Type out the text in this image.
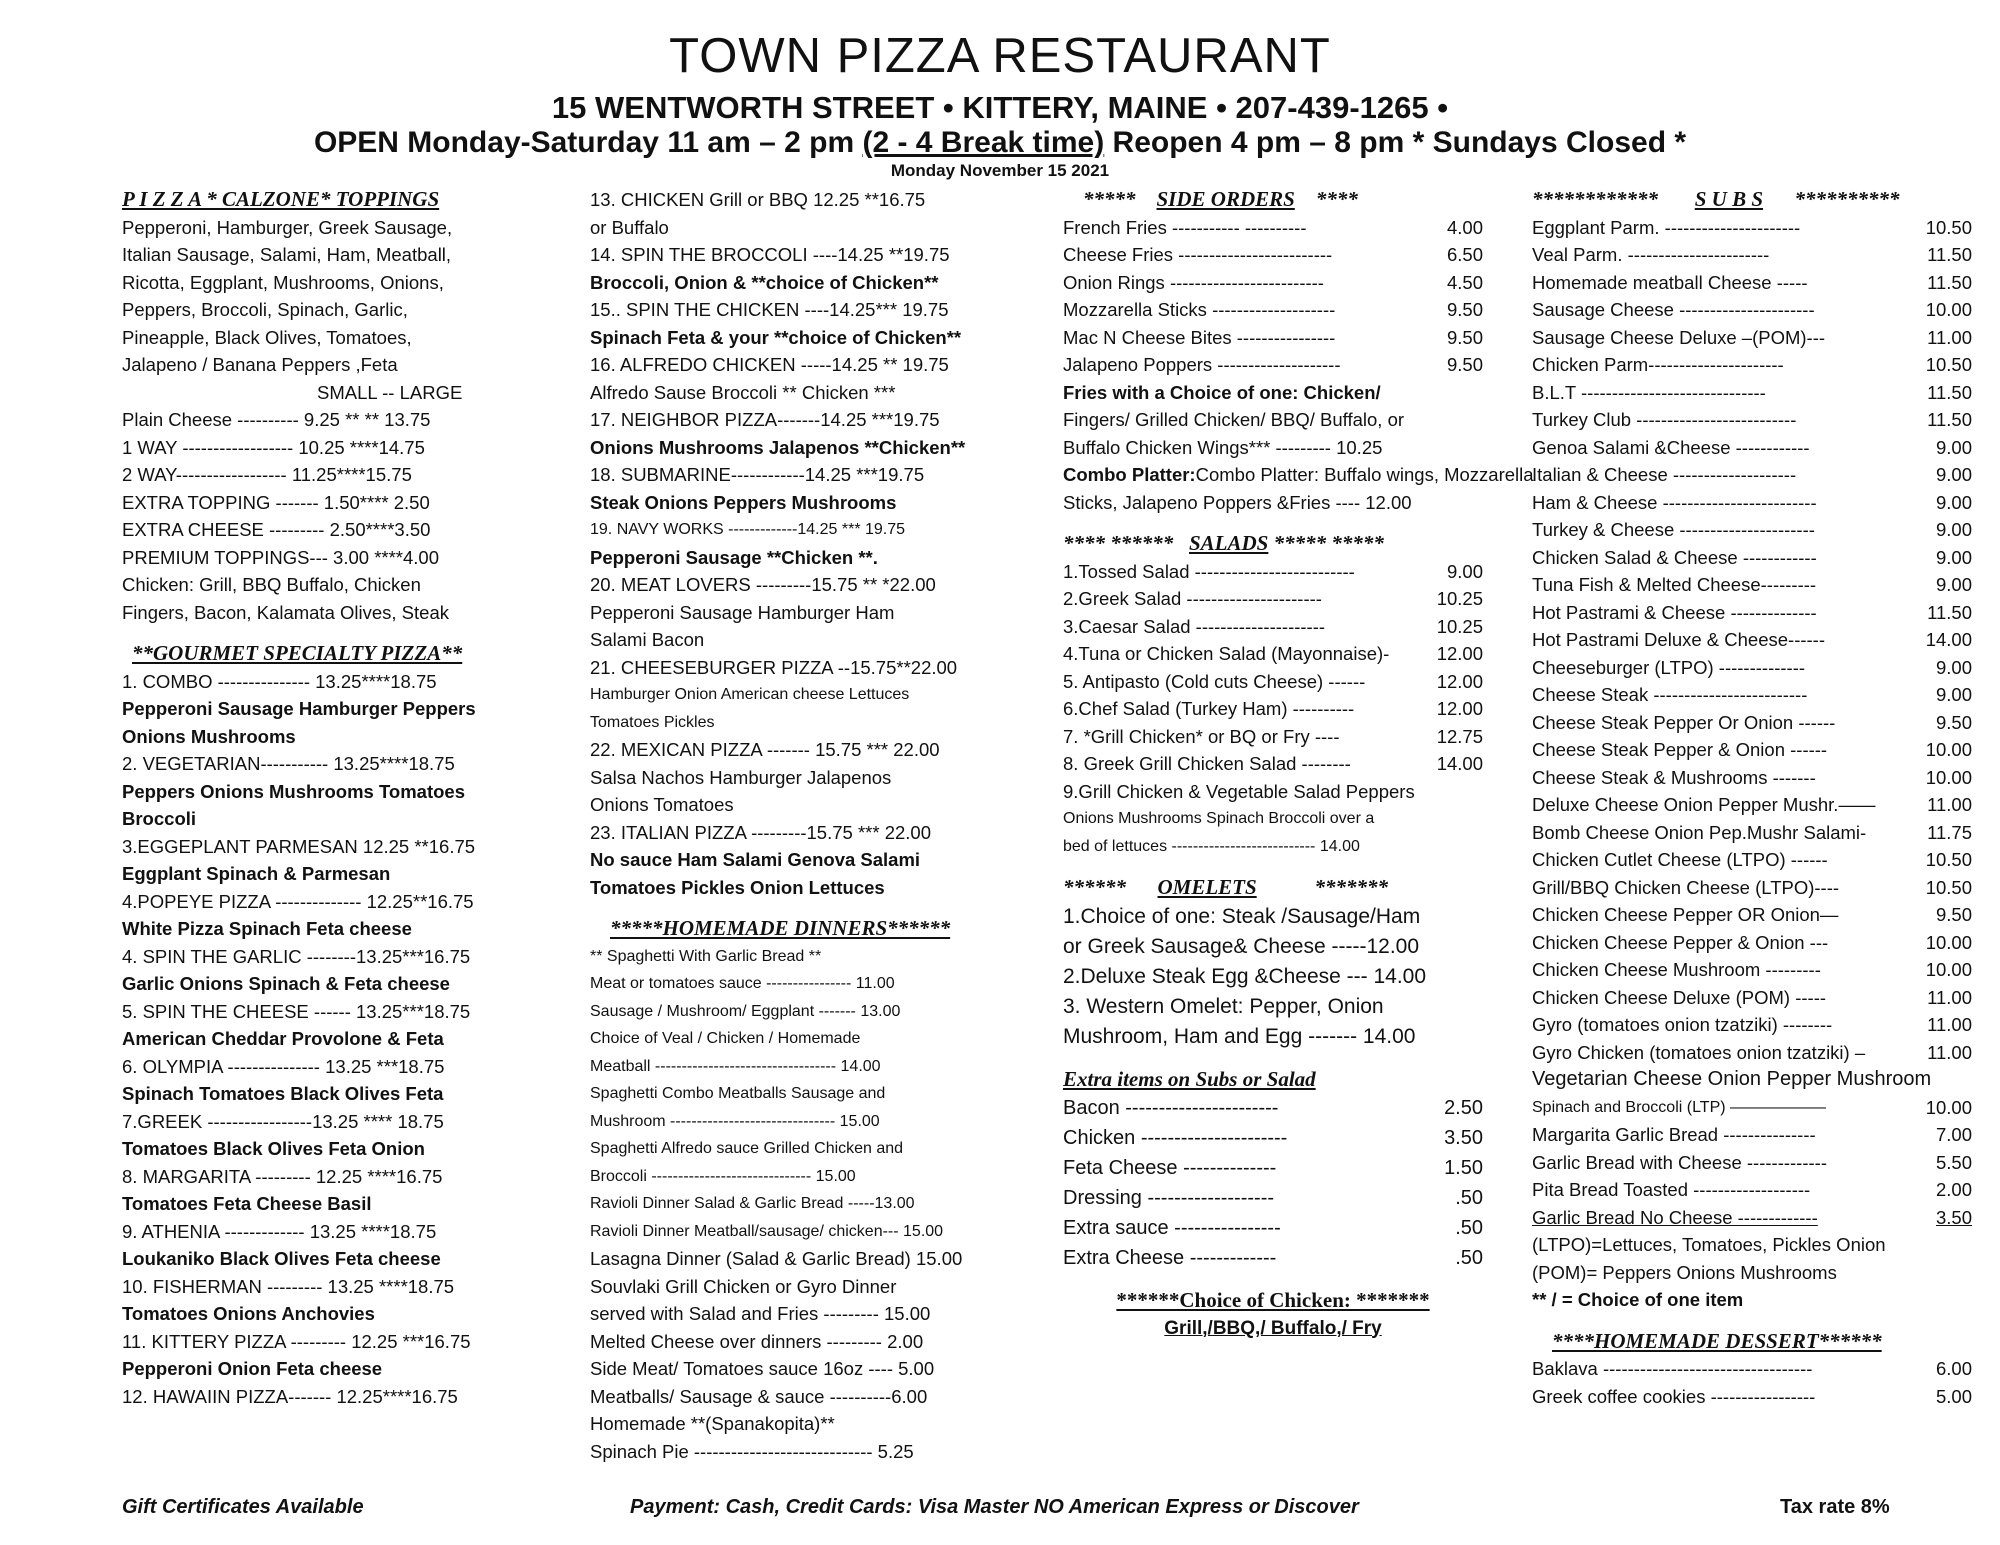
TOWN PIZZA RESTAURANT
15 WENTWORTH STREET • KITTERY, MAINE • 207-439-1265 •
OPEN Monday-Saturday 11 am – 2 pm (2 - 4 Break time) Reopen 4 pm – 8 pm * Sundays Closed *
Monday November 15 2021
P I Z Z A * CALZONE* TOPPINGS
Pepperoni, Hamburger, Greek Sausage,
Italian Sausage, Salami, Ham, Meatball,
Ricotta, Eggplant, Mushrooms, Onions,
Peppers, Broccoli, Spinach, Garlic,
Pineapple, Black Olives, Tomatoes,
Jalapeno / Banana Peppers ,Feta
SMALL -- LARGE
Plain Cheese ---------- 9.25 ** ** 13.75
1 WAY ------------------ 10.25 ****14.75
2 WAY------------------ 11.25****15.75
EXTRA TOPPING ------- 1.50**** 2.50
EXTRA CHEESE --------- 2.50****3.50
PREMIUM TOPPINGS--- 3.00 ****4.00
Chicken: Grill, BBQ Buffalo, Chicken
Fingers, Bacon, Kalamata Olives, Steak
**GOURMET SPECIALTY PIZZA**
1. COMBO --------------- 13.25****18.75
Pepperoni Sausage Hamburger Peppers
Onions Mushrooms
2. VEGETARIAN----------- 13.25****18.75
Peppers Onions Mushrooms Tomatoes
Broccoli
3.EGGEPLANT PARMESAN 12.25 **16.75
Eggplant Spinach & Parmesan
4.POPEYE PIZZA -------------- 12.25**16.75
White Pizza Spinach Feta cheese
4. SPIN THE GARLIC --------13.25***16.75
Garlic Onions Spinach & Feta cheese
5. SPIN THE CHEESE ------ 13.25***18.75
American Cheddar Provolone & Feta
6. OLYMPIA --------------- 13.25 ***18.75
Spinach Tomatoes Black Olives Feta
7.GREEK -----------------13.25 **** 18.75
Tomatoes Black Olives Feta Onion
8. MARGARITA --------- 12.25 ****16.75
Tomatoes Feta Cheese Basil
9. ATHENIA ------------- 13.25 ****18.75
Loukaniko Black Olives Feta cheese
10. FISHERMAN --------- 13.25 ****18.75
Tomatoes Onions Anchovies
11. KITTERY PIZZA --------- 12.25 ***16.75
Pepperoni Onion Feta cheese
12. HAWAIIN PIZZA------- 12.25****16.75
13. CHICKEN Grill or BBQ 12.25 **16.75
or Buffalo
14. SPIN THE BROCCOLI ----14.25 **19.75
Broccoli, Onion & **choice of Chicken**
15.. SPIN THE CHICKEN ----14.25*** 19.75
Spinach Feta & your **choice of Chicken**
16. ALFREDO CHICKEN -----14.25 ** 19.75
Alfredo Sause Broccoli ** Chicken ***
17. NEIGHBOR PIZZA-------14.25 ***19.75
Onions Mushrooms Jalapenos **Chicken**
18. SUBMARINE------------14.25 ***19.75
Steak Onions Peppers Mushrooms
19. NAVY WORKS -------------14.25 *** 19.75
Pepperoni Sausage **Chicken **.
20. MEAT LOVERS ---------15.75 ** *22.00
Pepperoni Sausage Hamburger Ham
Salami Bacon
21. CHEESEBURGER PIZZA --15.75**22.00
Hamburger Onion American cheese Lettuces
Tomatoes Pickles
22. MEXICAN PIZZA ------- 15.75 *** 22.00
Salsa Nachos Hamburger Jalapenos
Onions Tomatoes
23. ITALIAN PIZZA ---------15.75 *** 22.00
No sauce Ham Salami Genova Salami
Tomatoes Pickles Onion Lettuces
*****HOMEMADE DINNERS******
** Spaghetti With Garlic Bread **
Meat or tomatoes sauce ---------------- 11.00
Sausage / Mushroom/ Eggplant ------- 13.00
Choice of Veal / Chicken / Homemade
Meatball ---------------------------------- 14.00
Spaghetti Combo Meatballs Sausage and
Mushroom ------------------------------- 15.00
Spaghetti Alfredo sauce Grilled Chicken and
Broccoli ------------------------------ 15.00
Ravioli Dinner Salad & Garlic Bread -----13.00
Ravioli Dinner Meatball/sausage/ chicken--- 15.00
Lasagna Dinner (Salad & Garlic Bread) 15.00
Souvlaki Grill Chicken or Gyro Dinner
served with Salad and Fries --------- 15.00
Melted Cheese over dinners --------- 2.00
Side Meat/ Tomatoes sauce 16oz ---- 5.00
Meatballs/ Sausage & sauce ----------6.00
Homemade **(Spanakopita)**
Spinach Pie ----------------------------- 5.25
***** SIDE ORDERS ****
French Fries ----------- ----------	4.00
Cheese Fries -------------------------	6.50
Onion Rings -------------------------	4.50
Mozzarella Sticks --------------------	9.50
Mac N Cheese Bites ----------------	9.50
Jalapeno Poppers --------------------	9.50
Fries with a Choice of one: Chicken/
Fingers/ Grilled Chicken/ BBQ/ Buffalo, or
Buffalo Chicken Wings*** --------- 10.25
Combo Platter:Combo Platter: Buffalo wings, Mozzarella
Sticks, Jalapeno Poppers &Fries ---- 12.00
**** ****** SALADS ***** *****
1.Tossed Salad --------------------------	9.00
2.Greek Salad ----------------------	10.25
3.Caesar Salad ---------------------	10.25
4.Tuna or Chicken Salad (Mayonnaise)-	12.00
5. Antipasto (Cold cuts Cheese) ------	12.00
6.Chef Salad (Turkey Ham) ----------	12.00
7. *Grill Chicken* or BQ or Fry ----	12.75
8. Greek Grill Chicken Salad --------	14.00
9.Grill Chicken & Vegetable Salad Peppers
Onions Mushrooms Spinach Broccoli over a
bed of lettuces --------------------------- 14.00
****** OMELETS	*******
1.Choice of one: Steak /Sausage/Ham
or Greek Sausage& Cheese -----12.00
2.Deluxe Steak Egg &Cheese --- 14.00
3. Western Omelet: Pepper, Onion
Mushroom, Ham and Egg ------- 14.00
Extra items on Subs or Salad
Bacon -----------------------	2.50
Chicken ----------------------	3.50
Feta Cheese --------------	1.50
Dressing -------------------	.50
Extra sauce ----------------	.50
Extra Cheese -------------	.50
******Choice of Chicken: *******
Grill,/BBQ,/ Buffalo,/ Fry
************ S U B S **********
Eggplant Parm. ----------------------	10.50
Veal Parm. -----------------------	11.50
Homemade meatball Cheese -----	11.50
Sausage Cheese ----------------------	10.00
Sausage Cheese Deluxe –(POM)---	11.00
Chicken Parm----------------------	10.50
B.L.T ------------------------------	11.50
Turkey Club --------------------------	11.50
Genoa Salami &Cheese ------------	9.00
Italian & Cheese --------------------	9.00
Ham & Cheese -------------------------	9.00
Turkey & Cheese ----------------------	9.00
Chicken Salad & Cheese ------------	9.00
Tuna Fish & Melted Cheese---------	9.00
Hot Pastrami & Cheese --------------	11.50
Hot Pastrami Deluxe & Cheese------	14.00
Cheeseburger (LTPO) --------------	9.00
Cheese Steak -------------------------	9.00
Cheese Steak Pepper Or Onion ------	9.50
Cheese Steak Pepper & Onion ------	10.00
Cheese Steak & Mushrooms -------	10.00
Deluxe Cheese Onion Pepper Mushr.——	11.00
Bomb Cheese Onion Pep.Mushr Salami-	11.75
Chicken Cutlet Cheese (LTPO) ------	10.50
Grill/BBQ Chicken Cheese (LTPO)----	10.50
Chicken Cheese Pepper OR Onion—	9.50
Chicken Cheese Pepper & Onion ---	10.00
Chicken Cheese Mushroom ---------	10.00
Chicken Cheese Deluxe (POM) -----	11.00
Gyro (tomatoes onion tzatziki) --------	11.00
Gyro Chicken (tomatoes onion tzatziki) –	11.00
Vegetarian Cheese Onion Pepper Mushroom
Spinach and Broccoli (LTP) ——————	10.00
Margarita Garlic Bread ---------------	7.00
Garlic Bread with Cheese -------------	5.50
Pita Bread Toasted -------------------	2.00
Garlic Bread No Cheese -------------	3.50
(LTPO)=Lettuces, Tomatoes, Pickles Onion
(POM)= Peppers Onions Mushrooms
** / = Choice of one item
****HOMEMADE DESSERT******
Baklava ----------------------------------	6.00
Greek coffee cookies -----------------	5.00
Gift Certificates Available	Payment: Cash, Credit Cards: Visa Master NO American Express or Discover	Tax rate 8%
